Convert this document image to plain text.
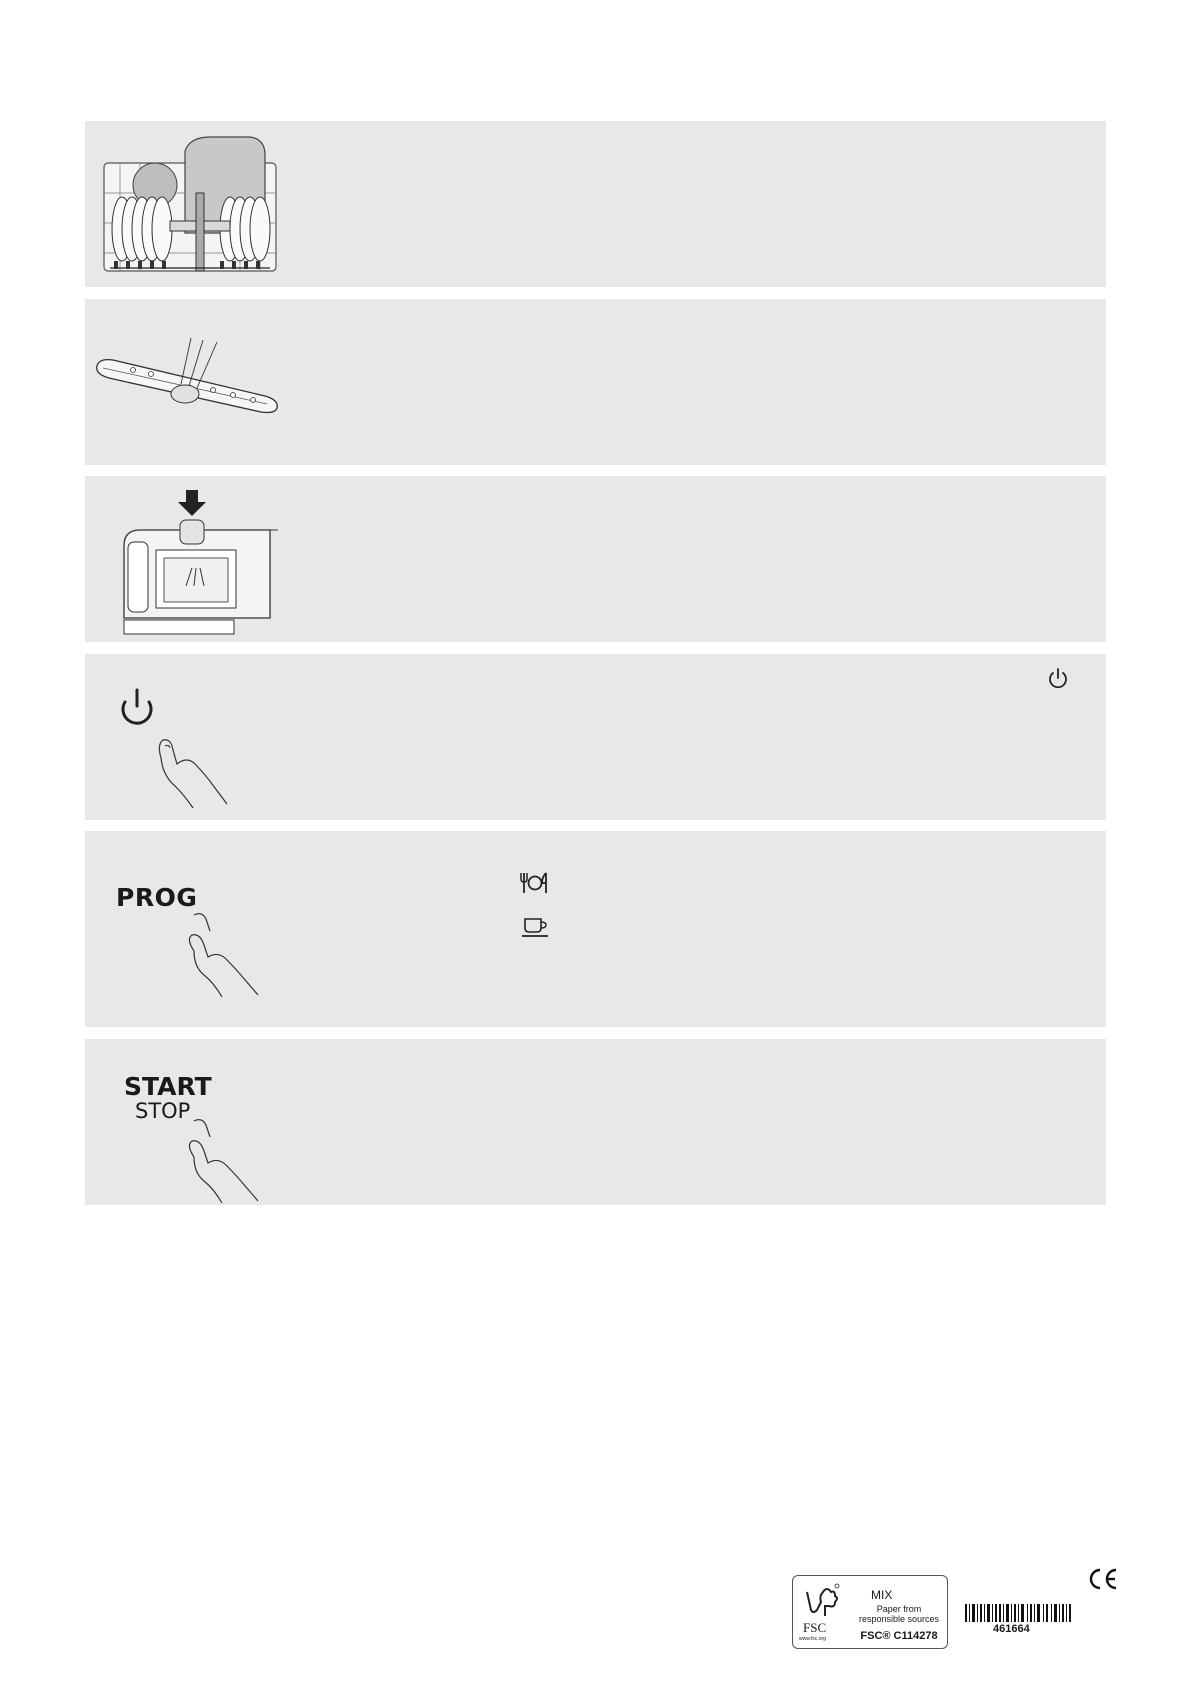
PROG
START
STOP
FSC
www.fsc.org
MIX
Paper from
responsible sources
FSC® C114278
461664
